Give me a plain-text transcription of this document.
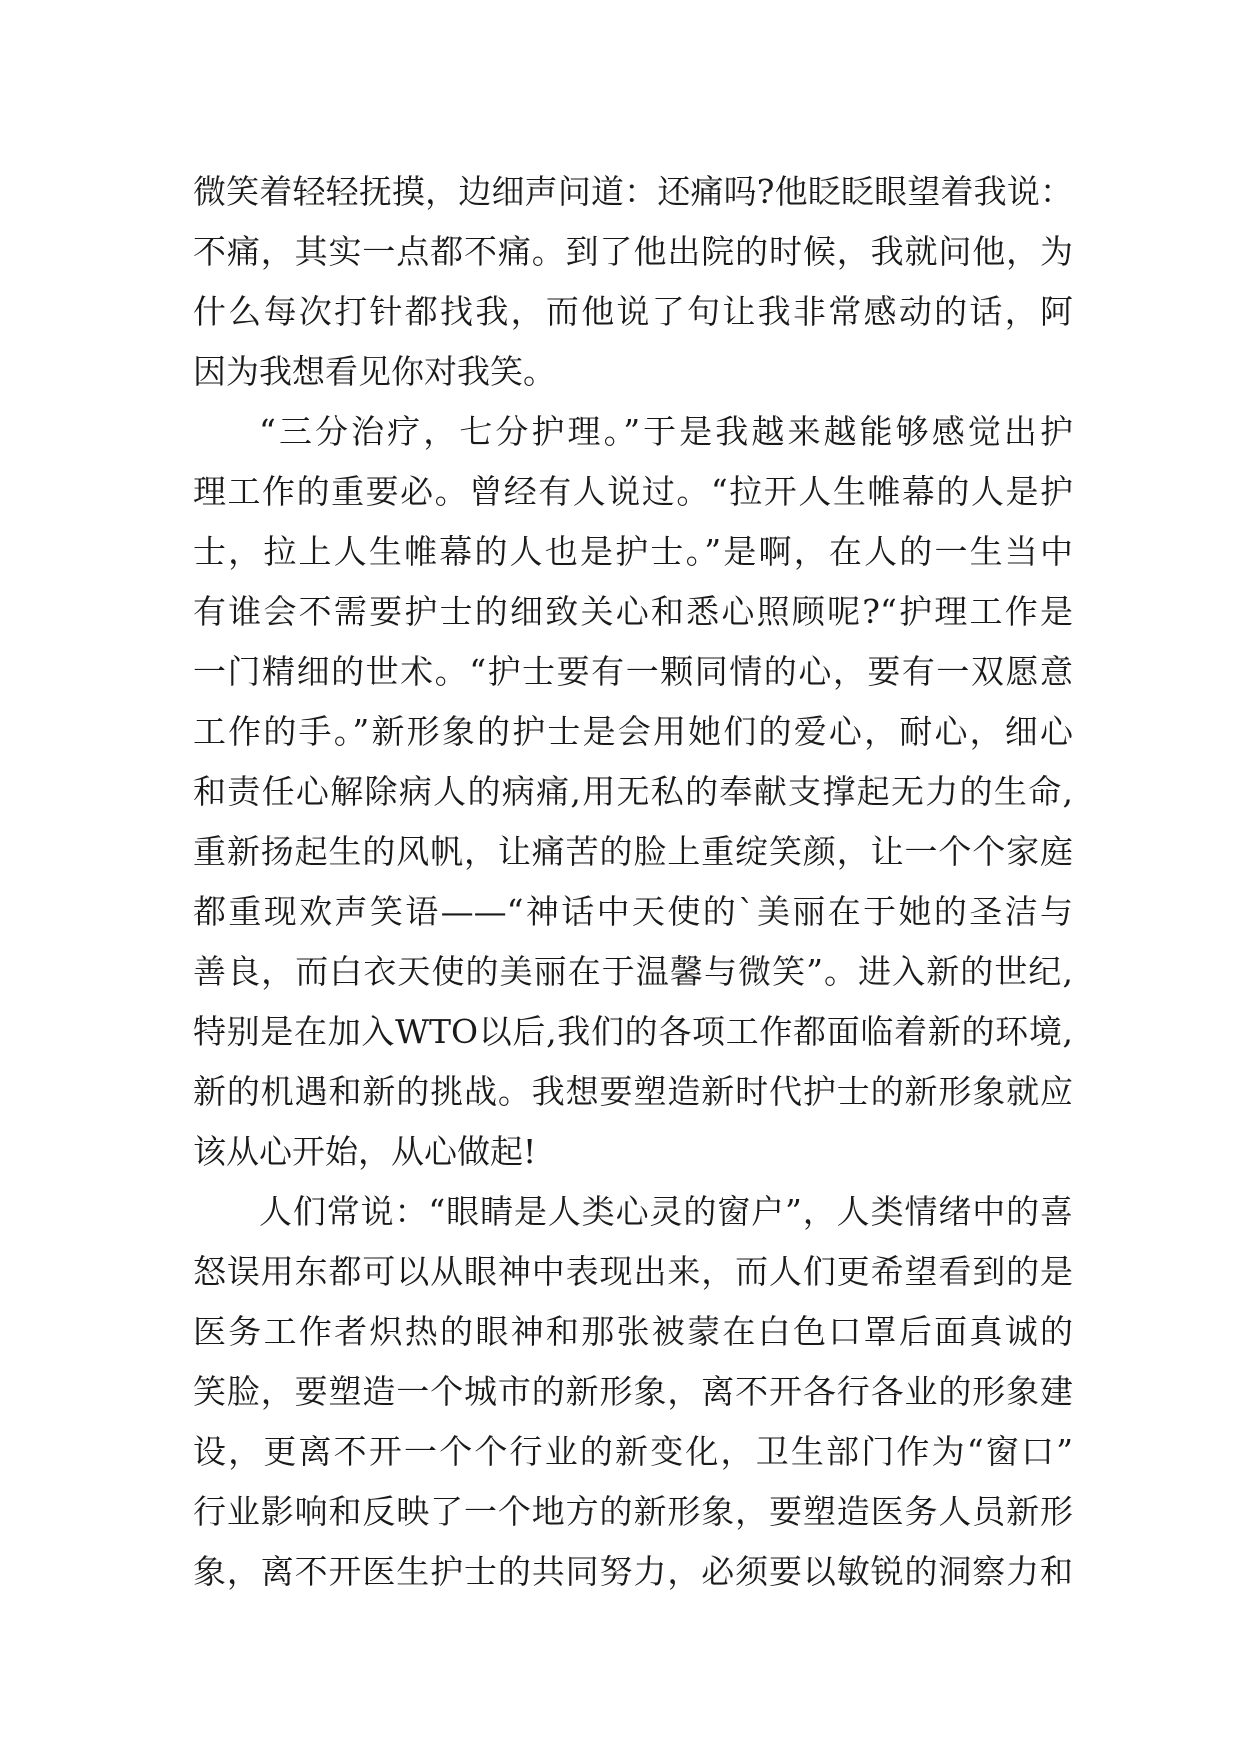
微笑着轻轻抚摸，边细声问道：还痛吗?他眨眨眼望着我说：
不痛，其实一点都不痛。到了他出院的时候，我就问他，为
什么每次打针都找我，而他说了句让我非常感动的话，阿
因为我想看见你对我笑。
“三分治疗，七分护理。”于是我越来越能够感觉出护
理工作的重要必。曾经有人说过。“拉开人生帷幕的人是护
士，拉上人生帷幕的人也是护士。”是啊，在人的一生当中
有谁会不需要护士的细致关心和悉心照顾呢?“护理工作是
一门精细的世术。“护士要有一颗同情的心，要有一双愿意
工作的手。”新形象的护士是会用她们的爱心，耐心，细心
和责任心解除病人的病痛,用无私的奉献支撑起无力的生命,
重新扬起生的风帆，让痛苦的脸上重绽笑颜，让一个个家庭
都重现欢声笑语——“神话中天使的`美丽在于她的圣洁与
善良，而白衣天使的美丽在于温馨与微笑”。进入新的世纪,
特别是在加入WTO以后,我们的各项工作都面临着新的环境,
新的机遇和新的挑战。我想要塑造新时代护士的新形象就应
该从心开始，从心做起!
人们常说：“眼睛是人类心灵的窗户”，人类情绪中的喜
怒误用东都可以从眼神中表现出来，而人们更希望看到的是
医务工作者炽热的眼神和那张被蒙在白色口罩后面真诚的
笑脸，要塑造一个城市的新形象，离不开各行各业的形象建
设，更离不开一个个行业的新变化，卫生部门作为“窗口”
行业影响和反映了一个地方的新形象，要塑造医务人员新形
象，离不开医生护士的共同努力，必须要以敏锐的洞察力和
